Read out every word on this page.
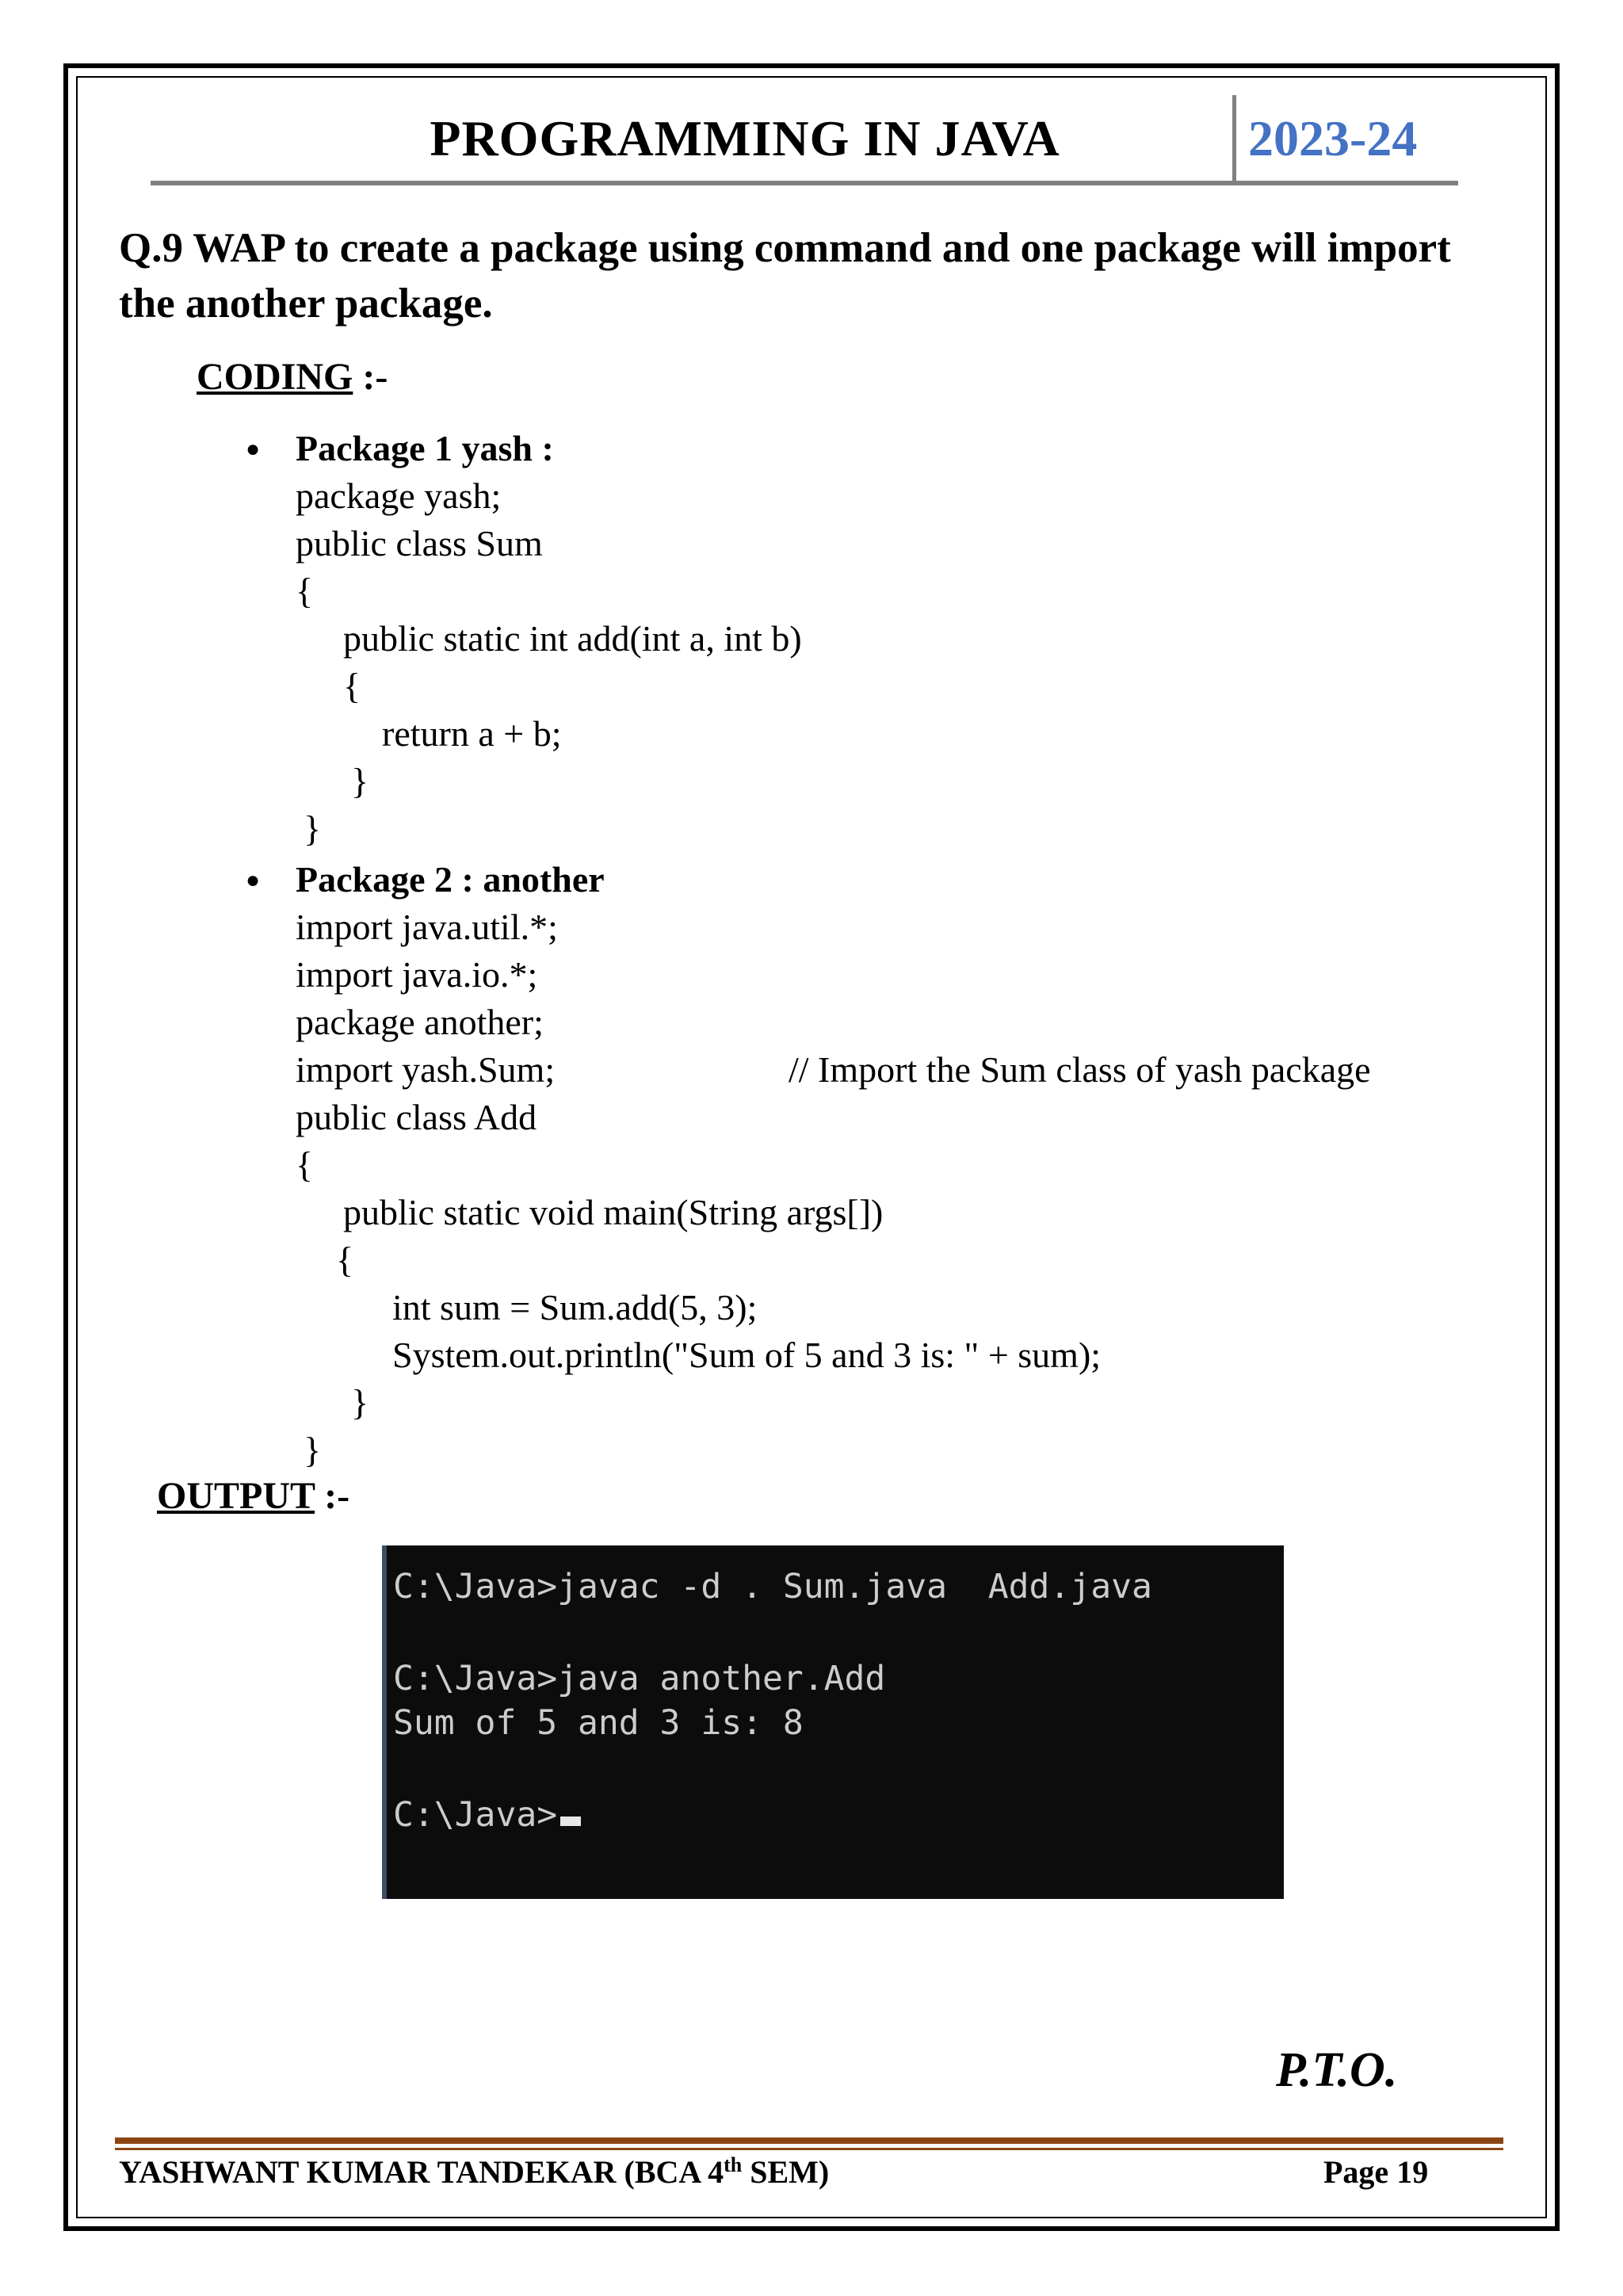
PROGRAMMING IN JAVA	2023-24
Q.9 WAP to create a package using command and one package will import the another package.
CODING :-
● Package 1 yash :
package yash;
public class Sum
{
public static int add(int a, int b)
{
return a + b;
}
}
● Package 2 : another
import java.util.*;
import java.io.*;
package another;
import yash.Sum;	// Import the Sum class of yash package
public class Add
{
public static void main(String args[])
{
int sum = Sum.add(5, 3);
System.out.println("Sum of 5 and 3 is: " + sum);
}
}
OUTPUT :-
C:\Java>javac -d . Sum.java  Add.java
C:\Java>java another.Add
Sum of 5 and 3 is: 8
C:\Java>
P.T.O.
YASHWANT KUMAR TANDEKAR (BCA 4th SEM)	Page 19
